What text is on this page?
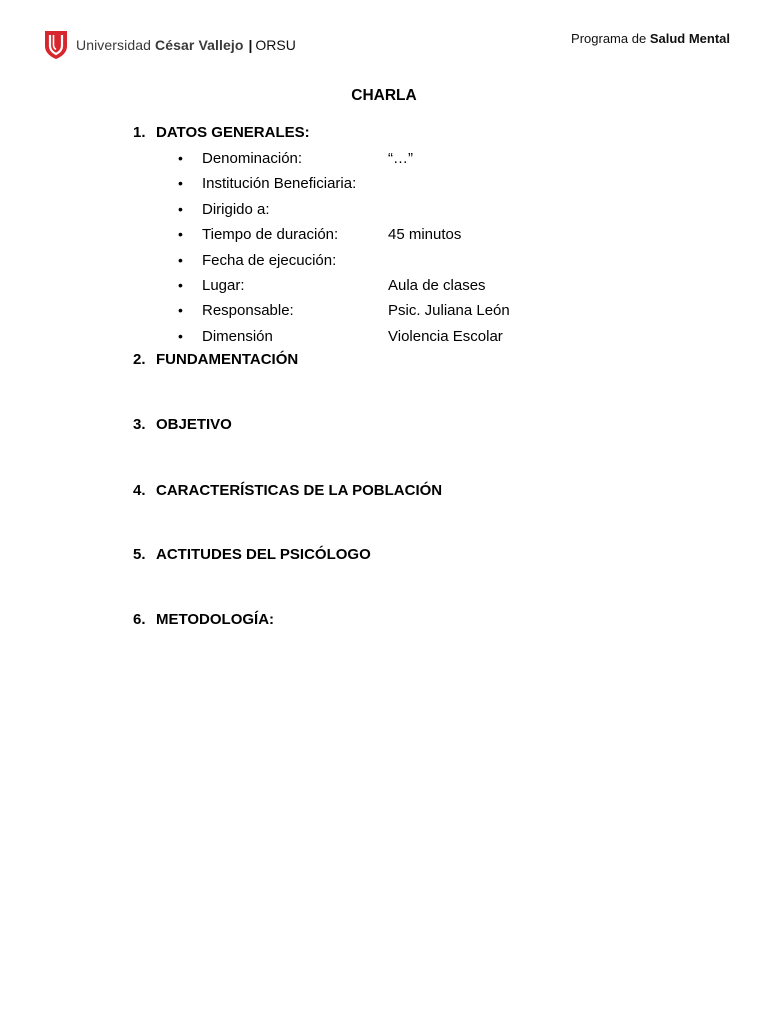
Universidad César Vallejo | ORSU	Programa de Salud Mental
CHARLA
1. DATOS GENERALES:
•	Denominación:	“…”
•	Institución Beneficiaria:
•	Dirigido a:
•	Tiempo de duración:	45 minutos
•	Fecha de ejecución:
•	Lugar:	Aula de clases
•	Responsable:	Psic. Juliana León
•	Dimensión	Violencia Escolar
2. FUNDAMENTACIÓN
3. OBJETIVO
4. CARACTERÍSTICAS DE LA POBLACIÓN
5. ACTITUDES DEL PSICÓLOGO
6. METODOLOGÍA:
